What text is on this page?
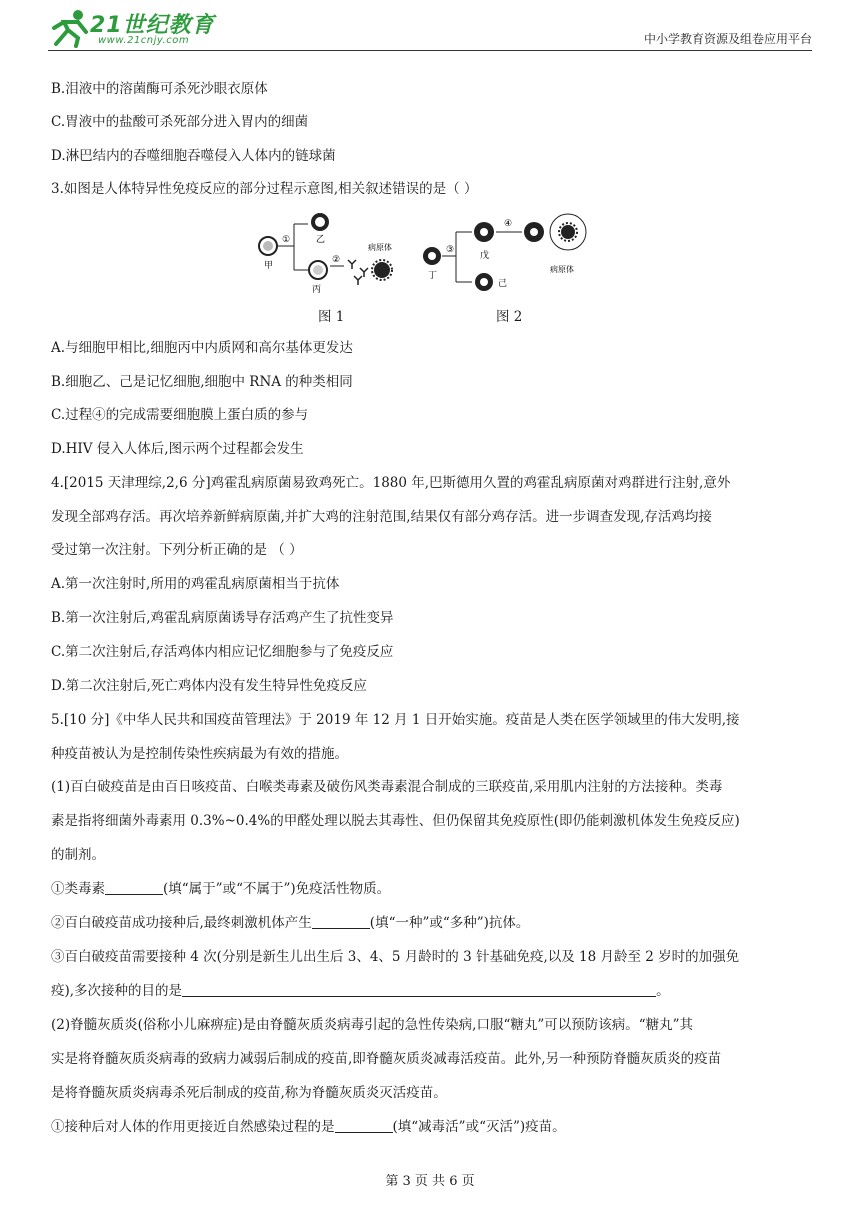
21世纪教育
www.21cnjy.com	中小学教育资源及组卷应用平台
B.泪液中的溶菌酶可杀死沙眼衣原体
C.胃液中的盐酸可杀死部分进入胃内的细菌
D.淋巴结内的吞噬细胞吞噬侵入人体内的链球菌
3.如图是人体特异性免疫反应的部分过程示意图,相关叙述错误的是（ ）
甲
①	乙
丙
②
病原体
丁
③
戊
己
④
病原体
图 1	图 2
A.与细胞甲相比,细胞丙中内质网和高尔基体更发达
B.细胞乙、己是记忆细胞,细胞中 RNA 的种类相同
C.过程④的完成需要细胞膜上蛋白质的参与
D.HIV 侵入人体后,图示两个过程都会发生
4.[2015 天津理综,2,6 分]鸡霍乱病原菌易致鸡死亡。1880 年,巴斯德用久置的鸡霍乱病原菌对鸡群进行注射,意外
发现全部鸡存活。再次培养新鲜病原菌,并扩大鸡的注射范围,结果仅有部分鸡存活。进一步调查发现,存活鸡均接
受过第一次注射。下列分析正确的是 （ ）
A.第一次注射时,所用的鸡霍乱病原菌相当于抗体
B.第一次注射后,鸡霍乱病原菌诱导存活鸡产生了抗性变异
C.第二次注射后,存活鸡体内相应记忆细胞参与了免疫反应
D.第二次注射后,死亡鸡体内没有发生特异性免疫反应
5.[10 分]《中华人民共和国疫苗管理法》于 2019 年 12 月 1 日开始实施。疫苗是人类在医学领域里的伟大发明,接
种疫苗被认为是控制传染性疾病最为有效的措施。
(1)百白破疫苗是由百日咳疫苗、白喉类毒素及破伤风类毒素混合制成的三联疫苗,采用肌内注射的方法接种。类毒
素是指将细菌外毒素用 0.3%~0.4%的甲醛处理以脱去其毒性、但仍保留其免疫原性(即仍能刺激机体发生免疫反应)
的制剂。
①类毒素	(填“属于”或“不属于”)免疫活性物质。
②百白破疫苗成功接种后,最终刺激机体产生	(填“一种”或“多种”)抗体。
③百白破疫苗需要接种 4 次(分别是新生儿出生后 3、4、5 月龄时的 3 针基础免疫,以及 18 月龄至 2 岁时的加强免
疫),多次接种的目的是	。
(2)脊髓灰质炎(俗称小儿麻痹症)是由脊髓灰质炎病毒引起的急性传染病,口服“糖丸”可以预防该病。“糖丸”其
实是将脊髓灰质炎病毒的致病力减弱后制成的疫苗,即脊髓灰质炎减毒活疫苗。此外,另一种预防脊髓灰质炎的疫苗
是将脊髓灰质炎病毒杀死后制成的疫苗,称为脊髓灰质炎灭活疫苗。
①接种后对人体的作用更接近自然感染过程的是	(填“减毒活”或“灭活”)疫苗。
第 3 页 共 6 页
